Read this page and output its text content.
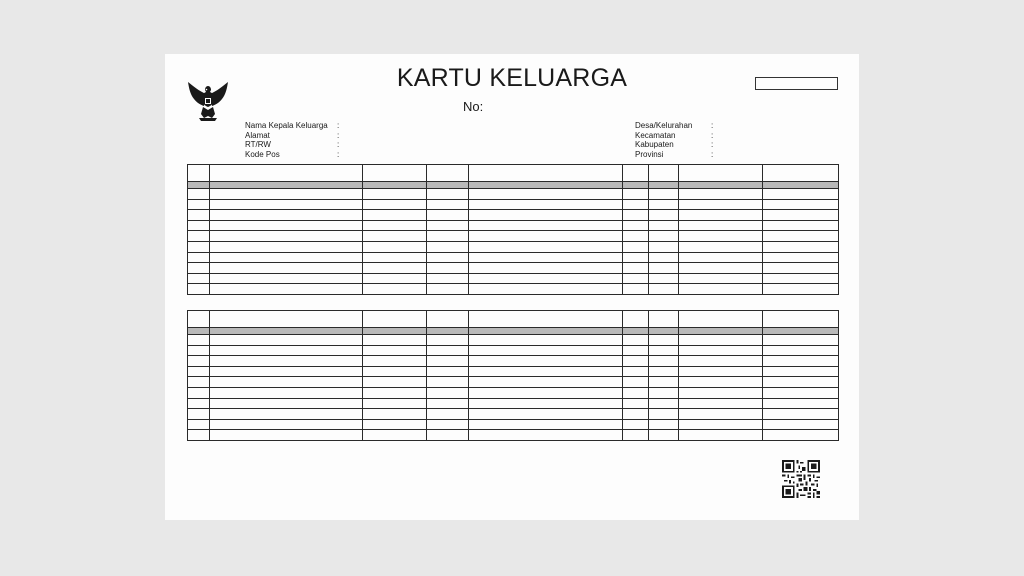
KARTU KELUARGA
No:
Nama Kepala Keluarga	:
Alamat	:
RT/RW	:
Kode Pos	:
Desa/Kelurahan	:
Kecamatan	:
Kabupaten	:
Provinsi	:
